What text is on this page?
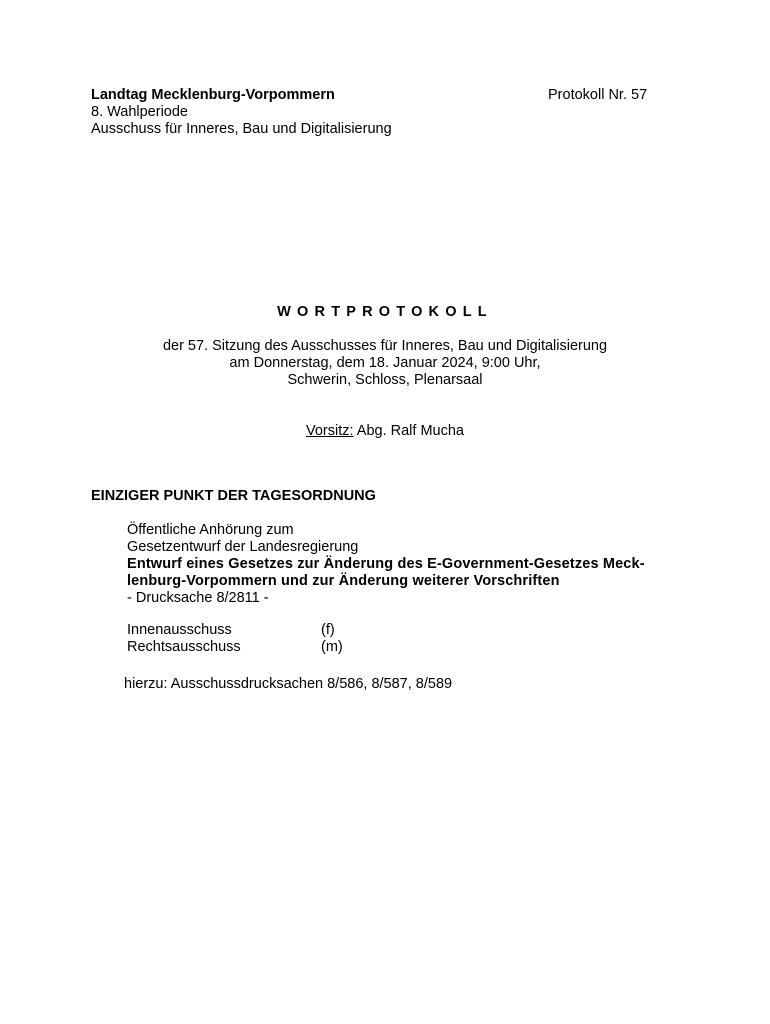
Landtag Mecklenburg-Vorpommern
8. Wahlperiode
Ausschuss für Inneres, Bau und Digitalisierung
Protokoll Nr. 57
WORTPROTOKOLL
der 57. Sitzung des Ausschusses für Inneres, Bau und Digitalisierung
am Donnerstag, dem 18. Januar 2024, 9:00 Uhr,
Schwerin, Schloss, Plenarsaal
Vorsitz: Abg. Ralf Mucha
EINZIGER PUNKT DER TAGESORDNUNG
Öffentliche Anhörung zum
Gesetzentwurf der Landesregierung
Entwurf eines Gesetzes zur Änderung des E-Government-Gesetzes Meck-
lenburg-Vorpommern und zur Änderung weiterer Vorschriften
- Drucksache 8/2811 -
Innenausschuss	(f)
Rechtsausschuss	(m)
hierzu: Ausschussdrucksachen 8/586, 8/587, 8/589
